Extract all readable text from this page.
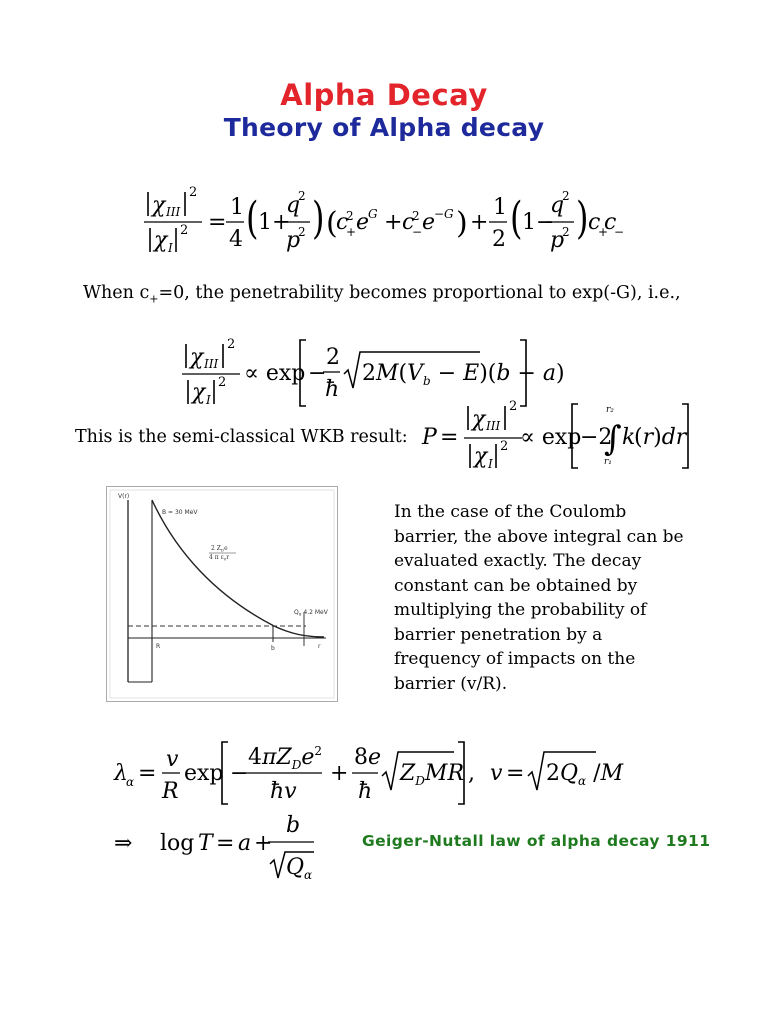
Alpha Decay
Theory of Alpha decay
χ III
2
χ I
2 =
1
4 ( 1+
q
2
p
2 ) (
c
2
+ e
G + c
2
− e
−G ) +
1
2 ( 1−
q
2
p
2 ) c
+
c
−
When $c_+=0$, the penetrability becomes proportional to exp(-G), i.e.,
χ III
2
χ I
2 ∝ exp −
2
ħ
$2M(V_b - E)(b - a)$
This is the semi-classical WKB result: P =
χ III
2
χ I
2 ∝ exp
−2
∫
r₂
r₁
k
(r)dr
V(r)
B = 30 MeV
2 $Z_De$
4 π $\varepsilon_0r$
$Q_\alpha$ 4.2 MeV
R	b	r
In the case of the Coulomb barrier, the above integral can be evaluated exactly. The decay constant can be obtained by multiplying the probability of barrier penetration by a frequency of impacts on the barrier (v/R).
λ
α =
v
R
exp −
$4\pi Z_De^2$
ħv
+
8e
ħ
$Z_DMR$ , $v = 2Q_\alpha$ /M
⇒ log T = a +
b
$Q_\alpha$
Geiger-Nutall law of alpha decay 1911
